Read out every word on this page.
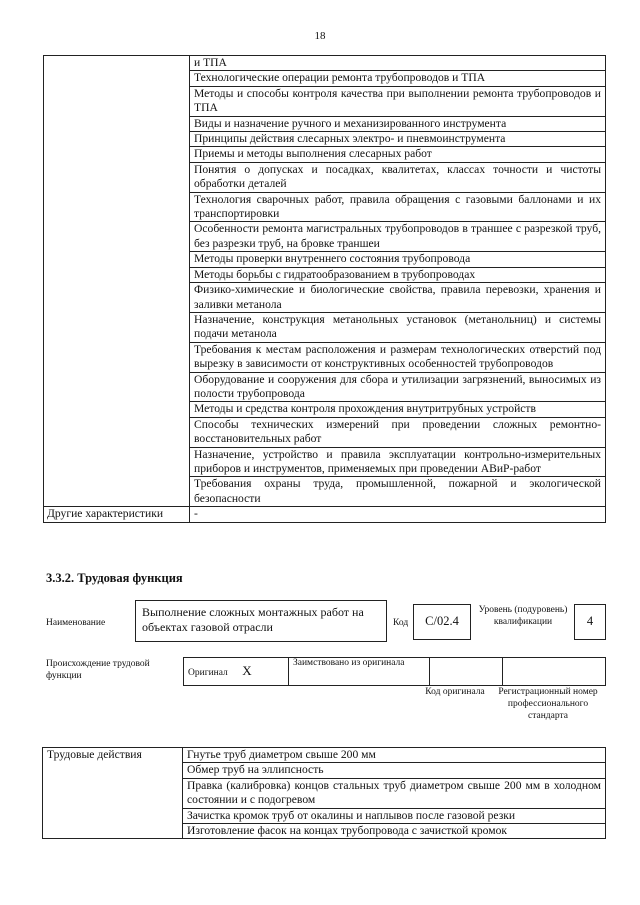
18
	и ТПА
	Технологические операции ремонта трубопроводов и ТПА
	Методы и способы контроля качества при выполнении ремонта трубопроводов и ТПА
	Виды и назначение ручного и механизированного инструмента
	Принципы действия слесарных электро- и пневмоинструмента
	Приемы и методы выполнения слесарных работ
	Понятия о допусках и посадках, квалитетах, классах точности и чистоты обработки деталей
	Технология сварочных работ, правила обращения с газовыми баллонами и их транспортировки
	Особенности ремонта магистральных трубопроводов в траншее с разрезкой труб, без разрезки труб, на бровке траншеи
	Методы проверки внутреннего состояния трубопровода
	Методы борьбы с гидратообразованием в трубопроводах
	Физико-химические и биологические свойства, правила перевозки, хранения и заливки метанола
	Назначение, конструкция метанольных установок (метанольниц) и системы подачи метанола
	Требования к местам расположения и размерам технологических отверстий под вырезку в зависимости от конструктивных особенностей трубопроводов
	Оборудование и сооружения для сбора и утилизации загрязнений, выносимых из полости трубопровода
	Методы и средства контроля прохождения внутритрубных устройств
	Способы технических измерений при проведении сложных ремонтно-восстановительных работ
	Назначение, устройство и правила эксплуатации контрольно-измерительных приборов и инструментов, применяемых при проведении АВиР-работ
	Требования охраны труда, промышленной, пожарной и экологической безопасности
Другие характеристики	-
3.3.2. Трудовая функция
Наименование
Выполнение сложных монтажных работ на объектах газовой отрасли	Код	С/02.4
Уровень (подуровень) квалификации	4
Происхождение трудовой функции	Оригинал X	Заимствовано из оригинала		
Код оригинала Регистрационный номер профессионального стандарта
Трудовые действия	Гнутье труб диаметром свыше 200 мм
Обмер труб на эллипсность
Правка (калибровка) концов стальных труб диаметром свыше 200 мм в холодном состоянии и с подогревом
Зачистка кромок труб от окалины и наплывов после газовой резки
Изготовление фасок на концах трубопровода с зачисткой кромок
